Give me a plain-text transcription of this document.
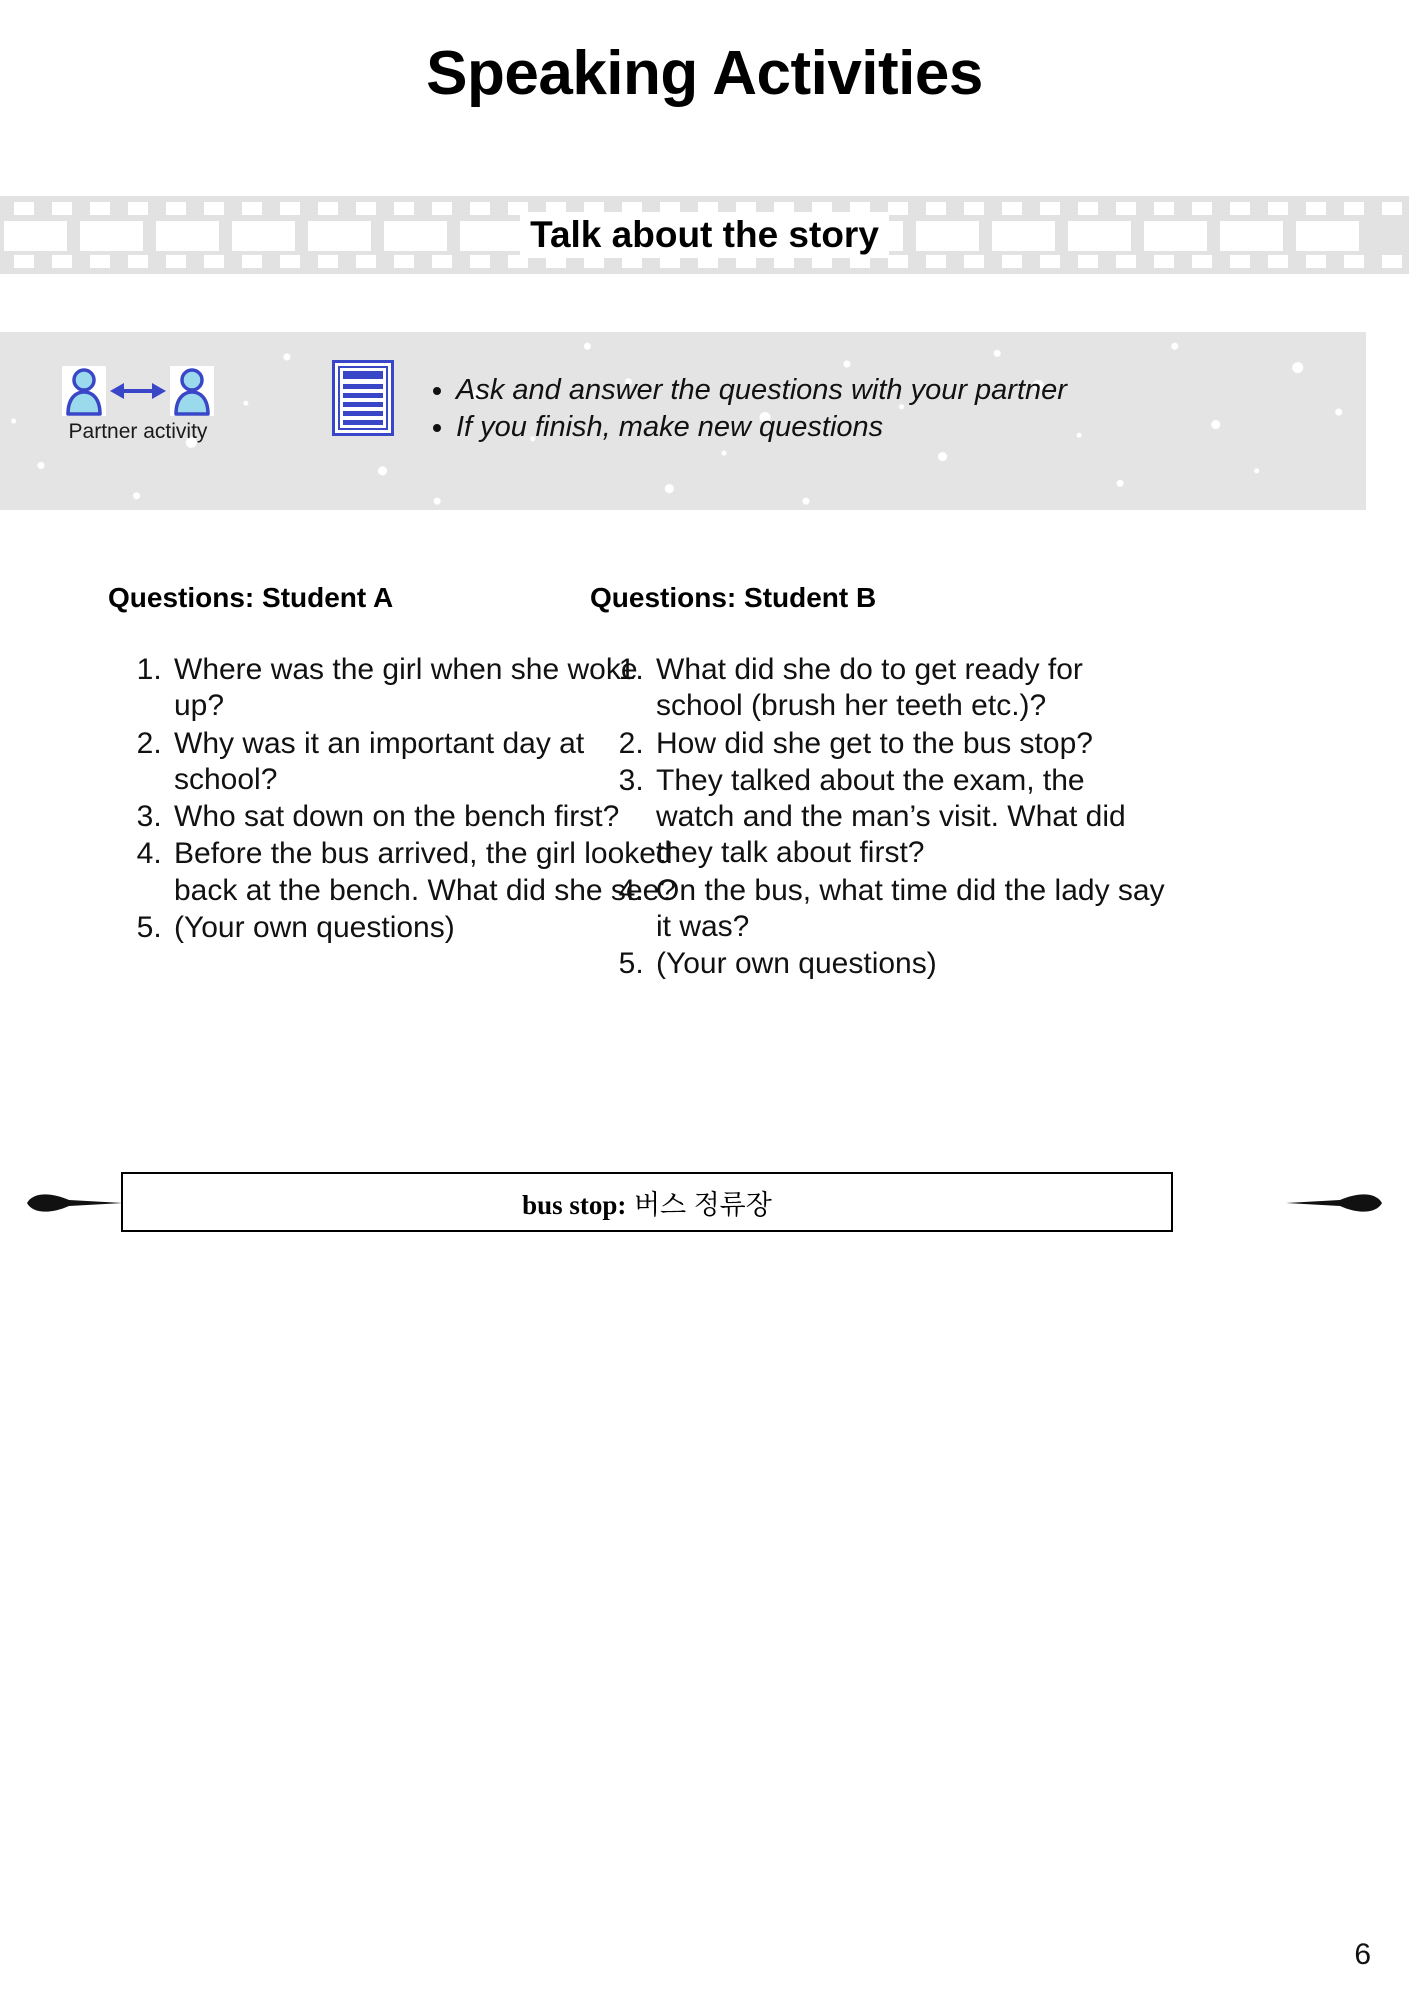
Speaking Activities
Talk about the story
Partner activity
• Ask and answer the questions with your partner
• If you finish, make new questions
Questions: Student A
1. Where was the girl when she woke up?
2. Why was it an important day at school?
3. Who sat down on the bench first?
4. Before the bus arrived, the girl looked back at the bench. What did she see?
5. (Your own questions)
Questions: Student B
1. What did she do to get ready for school (brush her teeth etc.)?
2. How did she get to the bus stop?
3. They talked about the exam, the watch and the man’s visit. What did they talk about first?
4. On the bus, what time did the lady say it was?
5. (Your own questions)
bus stop: 버스 정류장
6
